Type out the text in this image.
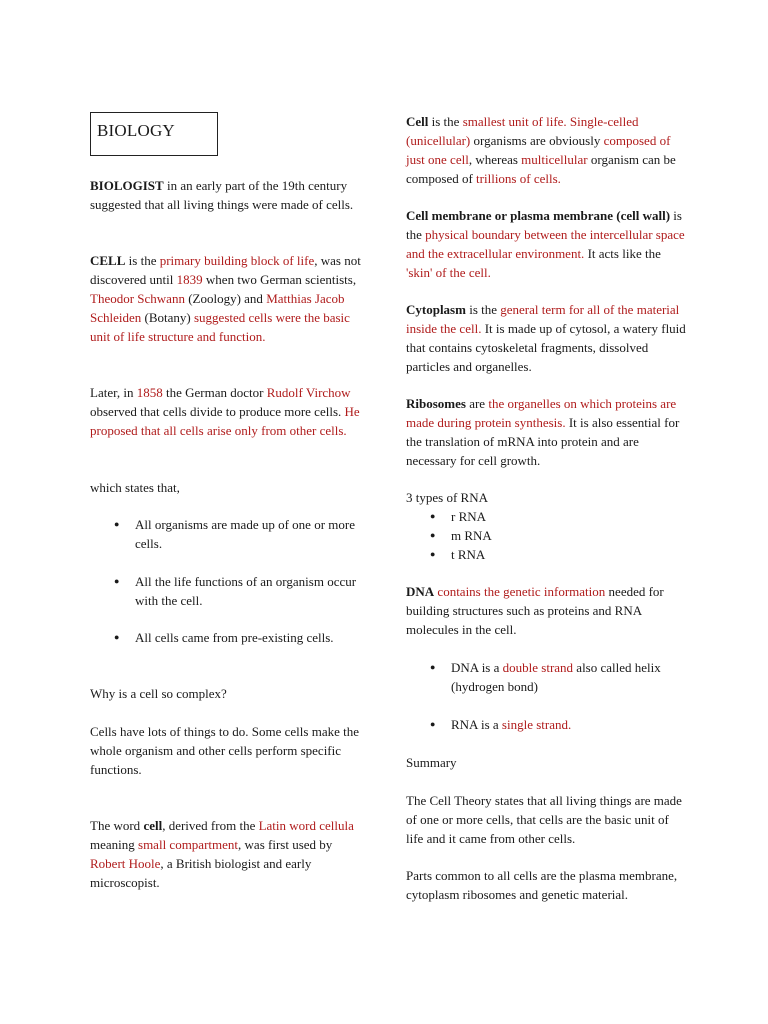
BIOLOGY

BIOLOGIST in an early part of the 19th century suggested that all living things were made of cells.

CELL is the primary building block of life, was not discovered until 1839 when two German scientists, Theodor Schwann (Zoology) and Matthias Jacob Schleiden (Botany) suggested cells were the basic unit of life structure and function.

Later, in 1858 the German doctor Rudolf Virchow observed that cells divide to produce more cells. He proposed that all cells arise only from other cells.

which states that,

● All organisms are made up of one or more cells.
● All the life functions of an organism occur with the cell.
● All cells came from pre-existing cells.

Why is a cell so complex?

Cells have lots of things to do. Some cells make the whole organism and other cells perform specific functions.

The word cell, derived from the Latin word cellula meaning small compartment, was first used by Robert Hoole, a British biologist and early microscopist.

Cell is the smallest unit of life. Single-celled (unicellular) organisms are obviously composed of just one cell, whereas multicellular organism can be composed of trillions of cells.

Cell membrane or plasma membrane (cell wall) is the physical boundary between the intercellular space and the extracellular environment. It acts like the 'skin' of the cell.

Cytoplasm is the general term for all of the material inside the cell. It is made up of cytosol, a watery fluid that contains cytoskeletal fragments, dissolved particles and organelles.

Ribosomes are the organelles on which proteins are made during protein synthesis. It is also essential for the translation of mRNA into protein and are necessary for cell growth.

3 types of RNA

● r RNA
● m RNA
● t RNA

DNA contains the genetic information needed for building structures such as proteins and RNA molecules in the cell.

● DNA is a double strand also called helix (hydrogen bond)
● RNA is a single strand.

Summary

The Cell Theory states that all living things are made of one or more cells, that cells are the basic unit of life and it came from other cells.

Parts common to all cells are the plasma membrane, cytoplasm ribosomes and genetic material.
